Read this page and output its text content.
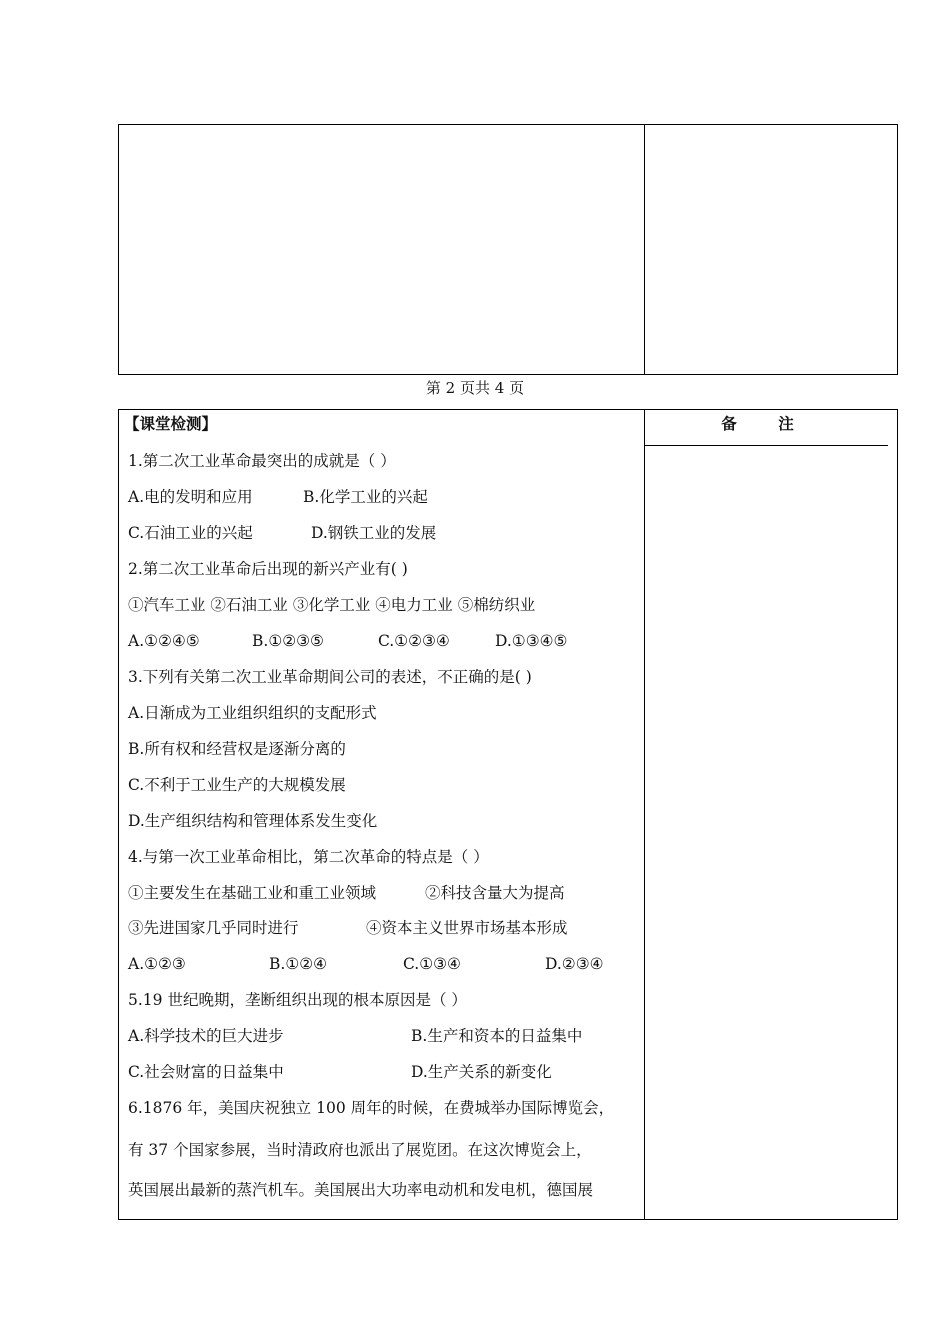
第 2 页共 4 页
备 注
【课堂检测】
1.第二次工业革命最突出的成就是（ ）
A.电的发明和应用	B.化学工业的兴起
C.石油工业的兴起	D.钢铁工业的发展
2.第二次工业革命后出现的新兴产业有( )
①汽车工业 ②石油工业 ③化学工业 ④电力工业 ⑤棉纺织业
A.①②④⑤	B.①②③⑤	C.①②③④	D.①③④⑤
3.下列有关第二次工业革命期间公司的表述，不正确的是( )
A.日渐成为工业组织组织的支配形式
B.所有权和经营权是逐渐分离的
C.不利于工业生产的大规模发展
D.生产组织结构和管理体系发生变化
4.与第一次工业革命相比，第二次革命的特点是（ ）
①主要发生在基础工业和重工业领域	②科技含量大为提高
③先进国家几乎同时进行	④资本主义世界市场基本形成
A.①②③	B.①②④	C.①③④	D.②③④
5.19 世纪晚期，垄断组织出现的根本原因是（ ）
A.科学技术的巨大进步	B.生产和资本的日益集中
C.社会财富的日益集中	D.生产关系的新变化
6.1876 年，美国庆祝独立 100 周年的时候，在费城举办国际博览会，
有 37 个国家参展，当时清政府也派出了展览团。在这次博览会上，
英国展出最新的蒸汽机车。美国展出大功率电动机和发电机，德国展
